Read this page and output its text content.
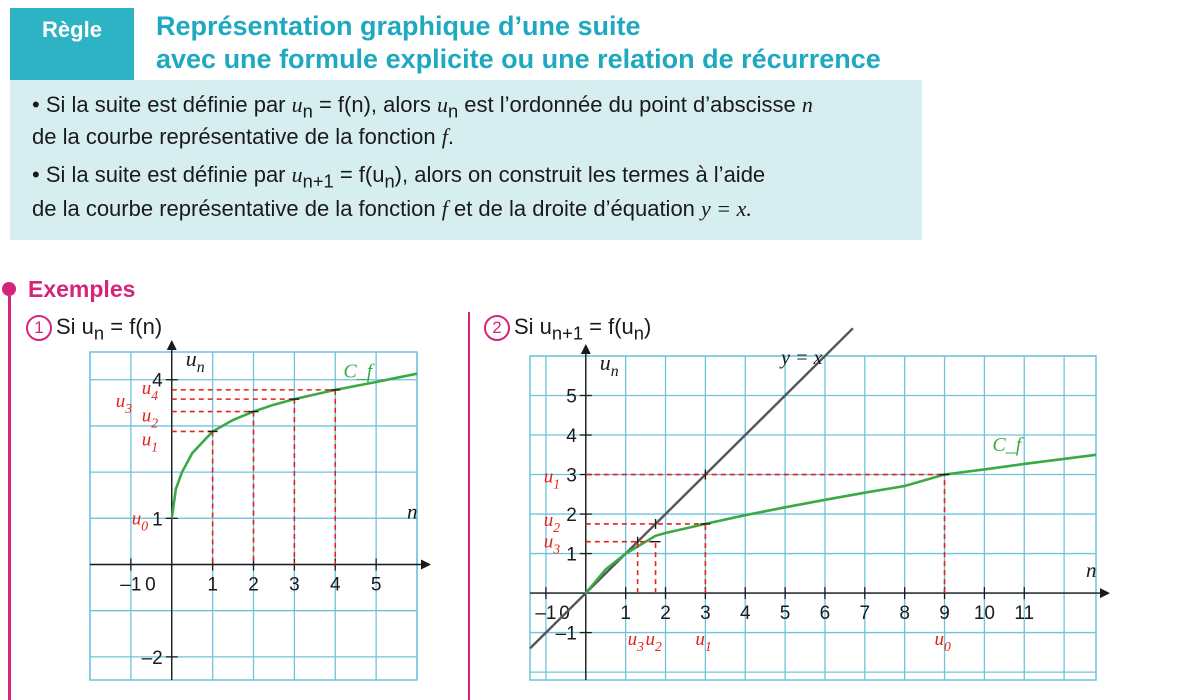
Règle	Représentation graphique d’une suite
avec une formule explicite ou une relation de récurrence
• Si la suite est définie par $u_n = f(n)$, alors $u_n$ est l’ordonnée du point d’abscisse n
de la courbe représentative de la fonction f.
• Si la suite est définie par $u_{n+1} = f(u_n)$, alors on construit les termes à l’aide
de la courbe représentative de la fonction f et de la droite d’équation y = x.
Exemples
1 Si $u_n = f(n)$	2 Si $u_{n+1} = f(u_n)$
–1	1 2 3 4 5
–2
1
4
0
n
$u_n$	C_f
$u_0$
$u_1$
$u_2$
$u_3$
$u_4$
–1	1 2 3 4 5 6 7 8 9 10 11
–1
1
2
3
4
5
0
n
$u_n$
y = x
C_f
$u_0$
$u_1$
$u_2$
$u_3$
$u_1$
$u_2$
$u_3$
